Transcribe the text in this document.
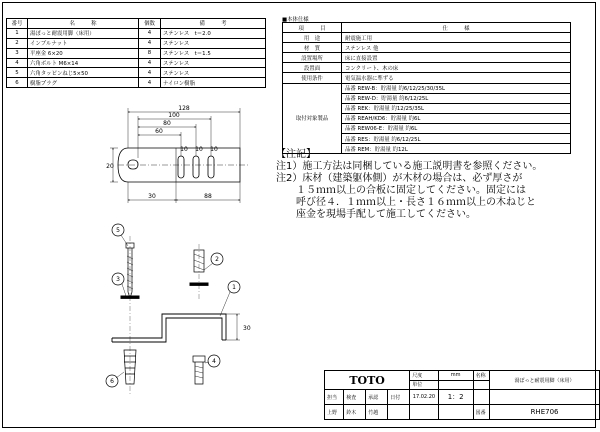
番号	名　　　称	個数	備　　　考
1	湯ぽっと耐震用脚（床用）	4	ステンレス　t＝2.0
2	インブルナット	4	ステンレス
3	平座金 6×20	8	ステンレス　t＝1.5
4	六角ボルト M6×14	4	ステンレス
5	六角タッピンねじ5×50	4	ステンレス
6	樹脂プラグ	4	ナイロン樹脂
■本体仕様
項　　　目	仕　　　様
用　途	耐震施工用
材　質	ステンレス 他
設置場所	床に直接設置
設置面	コンクリート、木の床
使用条件	電気温水器に準ずる
取付対象製品	品番 REW-B：貯湯量 約6/12/25/30/35L
	品番 REW-D：貯湯量 約6/12/25L
	品番 REK：貯湯量 約12/25/35L
	品番 REAH/KD6：貯湯量 約6L
	品番 REW06-E：貯湯量 約6L
	品番 RES：貯湯量 約6/12/25L
	品番 REM：貯湯量 約12L
【注記】
注1）施工方法は同梱している施工説明書を参照ください。
注2）床材（建築躯体側）が木材の場合は、必ず厚さが
　　１５ｍｍ以上の合板に固定してください。固定には
　　呼び径４．１ｍｍ以上・長さ１６ｍｍ以上の木ねじと
　　座金を現場手配して施工してください。
128
100
80
60
10 10 10
20
30	88
30
5
3
2
1
4
6	TOTO				尺度	mm	名称	湯ぽっと耐震用脚（床用）
				単位			
担当	検査	承認	日付	17.02.20	1：2		
上野	鈴木	竹越				図番	RHE706
